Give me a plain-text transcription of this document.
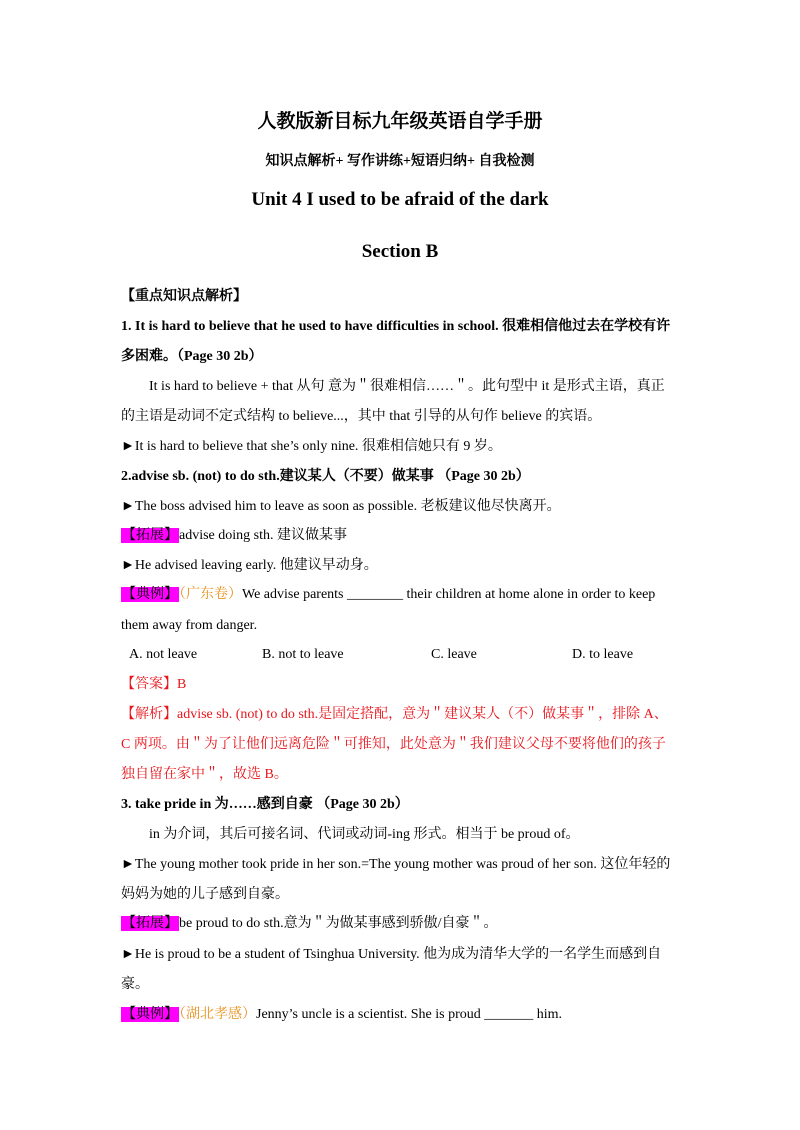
人教版新目标九年级英语自学手册
知识点解析+ 写作讲练+短语归纳+ 自我检测
Unit 4 I used to be afraid of the dark
Section B
【重点知识点解析】
1. It is hard to believe that he used to have difficulties in school. 很难相信他过去在学校有许
多困难。（Page 30 2b）
It is hard to believe + that 从句 意为＂很难相信……＂。此句型中 it 是形式主语，真正
的主语是动词不定式结构 to believe...，其中 that 引导的从句作 believe 的宾语。
►It is hard to believe that she’s only nine. 很难相信她只有 9 岁。
2.advise sb. (not) to do sth.建议某人（不要）做某事 （Page 30 2b）
►The boss advised him to leave as soon as possible. 老板建议他尽快离开。
【拓展】advise doing sth. 建议做某事
►He advised leaving early. 他建议早动身。
【典例】（广东卷）We advise parents ________ their children at home alone in order to keep
them away from danger.
A. not leave	B. not to leave	C. leave	D. to leave
【答案】B
【解析】advise sb. (not) to do sth.是固定搭配，意为＂建议某人（不）做某事＂，排除 A、
C 两项。由＂为了让他们远离危险＂可推知，此处意为＂我们建议父母不要将他们的孩子
独自留在家中＂，故选 B。
3. take pride in 为……感到自豪 （Page 30 2b）
in 为介词，其后可接名词、代词或动词-ing 形式。相当于 be proud of。
►The young mother took pride in her son.=The young mother was proud of her son. 这位年轻的
妈妈为她的儿子感到自豪。
【拓展】be proud to do sth.意为＂为做某事感到骄傲/自豪＂。
►He is proud to be a student of Tsinghua University. 他为成为清华大学的一名学生而感到自
豪。
【典例】（湖北孝感）Jenny’s uncle is a scientist. She is proud _______ him.
